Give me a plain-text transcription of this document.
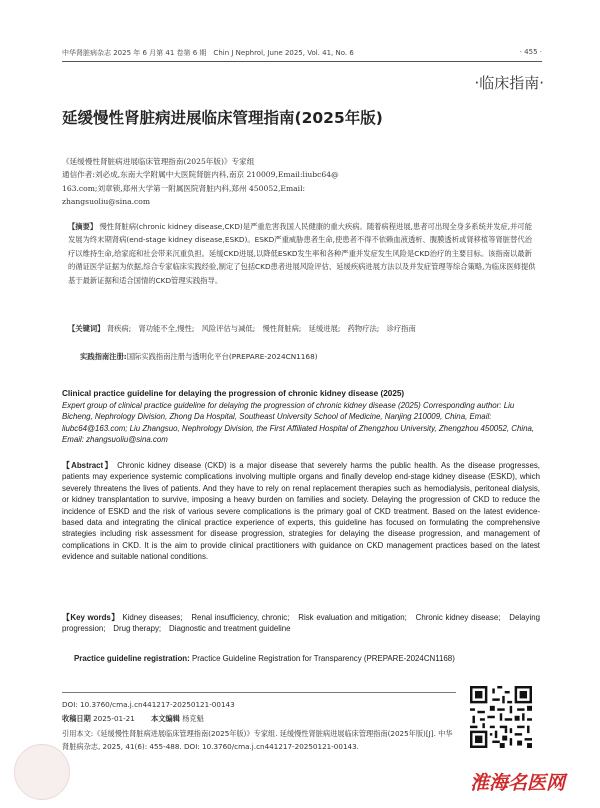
中华肾脏病杂志 2025 年 6 月第 41 卷第 6 期　Chin J Nephrol, June 2025, Vol. 41, No. 6	· 455 ·
·临床指南·
延缓慢性肾脏病进展临床管理指南(2025年版)
《延缓慢性肾脏病进展临床管理指南(2025年版)》专家组
通信作者:刘必成,东南大学附属中大医院肾脏内科,南京 210009,Email:liubc64@
163.com;刘章锁,郑州大学第一附属医院肾脏内科,郑州 450052,Email:
zhangsuoliu@sina.com
【摘要】 慢性肾脏病(chronic kidney disease,CKD)是严重危害我国人民健康的重大疾病。随着病程进展,患者可出现全身多系统并发症,并可能发展为终末期肾病(end-stage kidney disease,ESKD)。ESKD严重威胁患者生命,使患者不得不依赖血液透析、腹膜透析或肾移植等肾脏替代治疗以维持生命,给家庭和社会带来沉重负担。延缓CKD进展,以降低ESKD发生率和各种严重并发症发生风险是CKD治疗的主要目标。该指南以最新的循证医学证据为依据,综合专家临床实践经验,制定了包括CKD患者进展风险评估、延缓疾病进展方法以及并发症管理等综合策略,为临床医师提供基于最新证据和适合国情的CKD管理实践指导。
【关键词】 肾疾病;　肾功能不全,慢性;　风险评估与减低;　慢性肾脏病;　延缓进展;　药物疗法;　诊疗指南
实践指南注册:国际实践指南注册与透明化平台(PREPARE-2024CN1168)
Clinical practice guideline for delaying the progression of chronic kidney disease (2025)
Expert group of clinical practice guideline for delaying the progression of chronic kidney disease (2025) Corresponding author: Liu Bicheng, Nephrology Division, Zhong Da Hospital, Southeast University School of Medicine, Nanjing 210009, China, Email: liubc64@163.com; Liu Zhangsuo, Nephrology Division, the First Affiliated Hospital of Zhengzhou University, Zhengzhou 450052, China, Email: zhangsuoliu@sina.com
【Abstract】 Chronic kidney disease (CKD) is a major disease that severely harms the public health. As the disease progresses, patients may experience systemic complications involving multiple organs and finally develop end-stage kidney disease (ESKD), which severely threatens the lives of patients. And they have to rely on renal replacement therapies such as hemodialysis, peritoneal dialysis, or kidney transplantation to survive, imposing a heavy burden on families and society. Delaying the progression of CKD to reduce the incidence of ESKD and the risk of various severe complications is the primary goal of CKD treatment. Based on the latest evidence-based data and integrating the clinical practice experience of experts, this guideline has focused on formulating the comprehensive strategies including risk assessment for disease progression, strategies for delaying the disease progression, and management of complications in CKD. It is the aim to provide clinical practitioners with guidance on CKD management practices based on the latest evidence and suitable national conditions.
【Key words】 Kidney diseases;　Renal insufficiency, chronic;　Risk evaluation and mitigation;　Chronic kidney disease;　Delaying progression;　Drug therapy;　Diagnostic and treatment guideline
Practice guideline registration: Practice Guideline Registration for Transparency (PREPARE-2024CN1168)
DOI: 10.3760/cma.j.cn441217-20250121-00143
收稿日期 2025-01-21 本文编辑 杨克魁
引用本文:《延缓慢性肾脏病进展临床管理指南(2025年版)》专家组. 延缓慢性肾脏病进展临床管理指南(2025年版)[J]. 中华肾脏病杂志, 2025, 41(6): 455-488. DOI: 10.3760/cma.j.cn441217-20250121-00143.

淮海名医网
